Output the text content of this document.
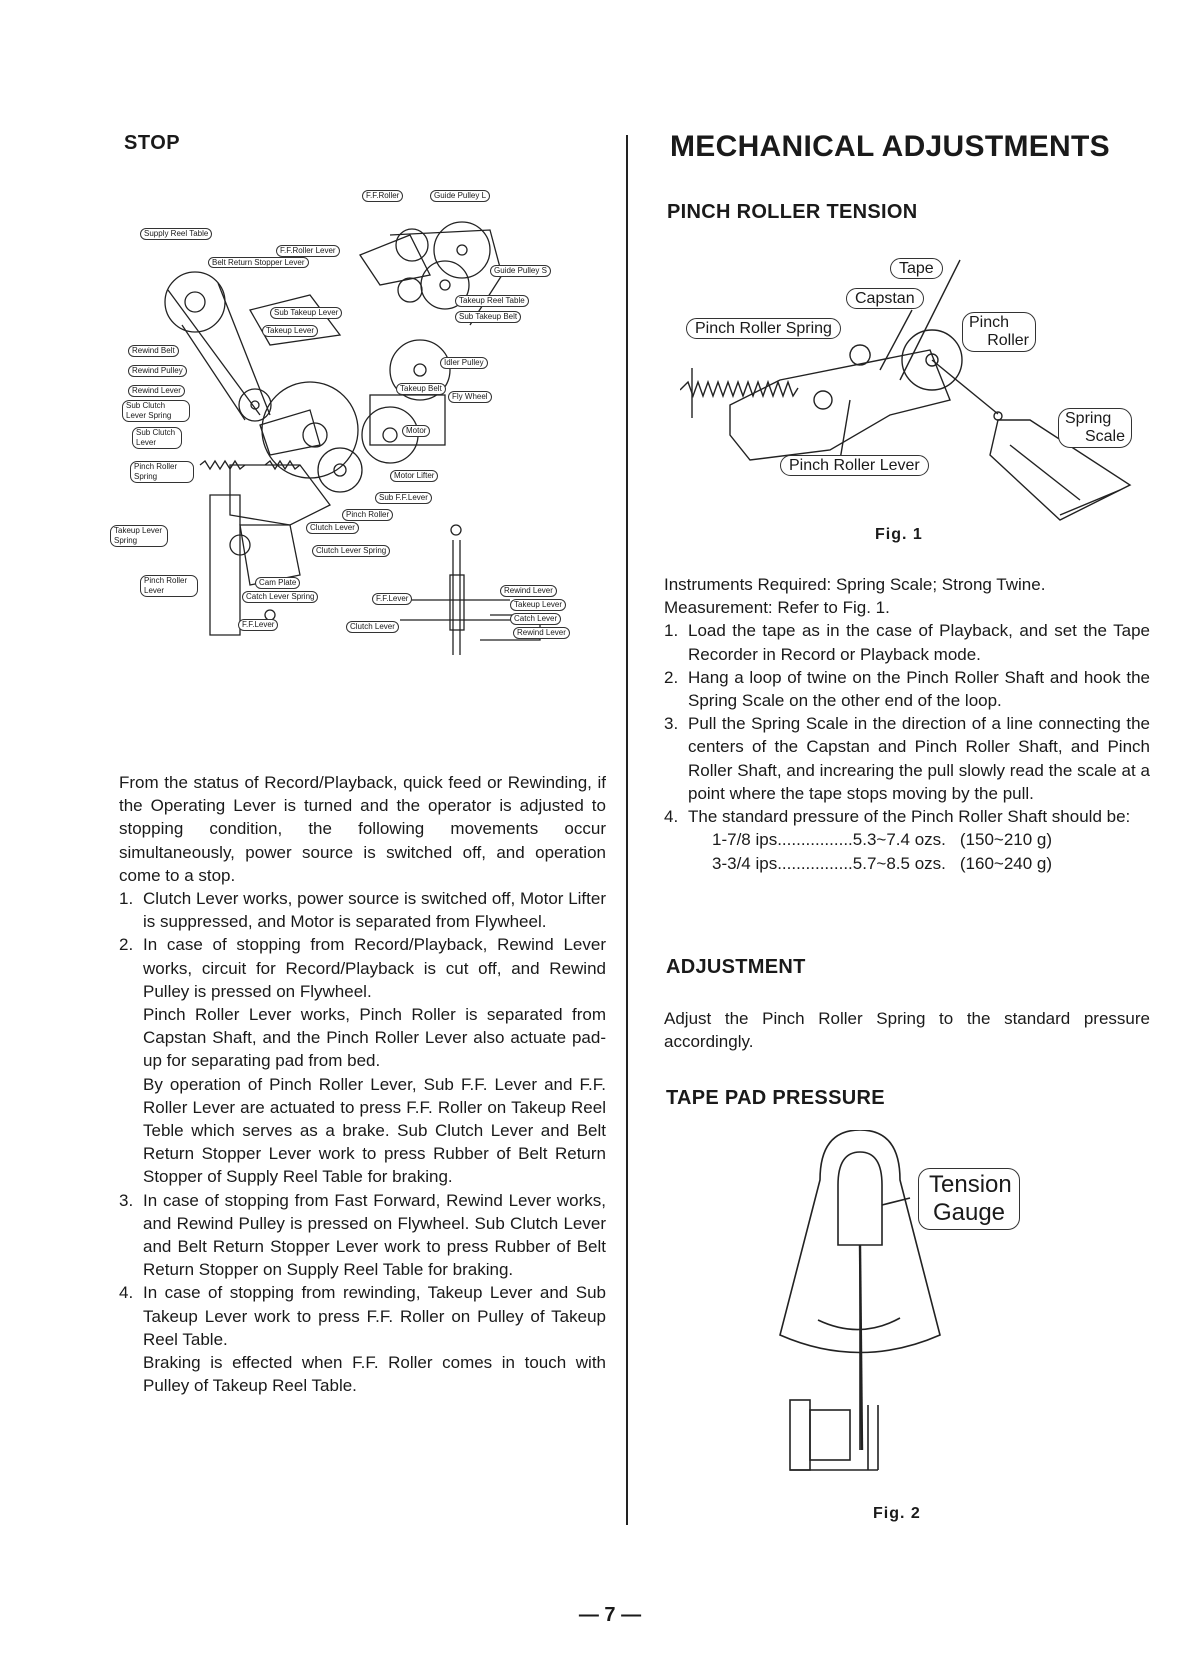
STOP
F.F.Roller	Guide Pulley L
Supply Reel Table
F.F.Roller Lever
Belt Return Stopper Lever
Guide Pulley S
Takeup Reel Table
Sub Takeup Lever	Sub Takeup Belt
Takeup Lever
Rewind Belt
Idler Pulley
Rewind Pulley
Rewind Lever	Takeup Belt
Fly Wheel
Sub Clutch Lever Spring
Motor
Sub Clutch Lever
Pinch Roller Spring	Motor Lifter
Sub F.F.Lever
Pinch Roller
Takeup Lever Spring
Clutch Lever
Clutch Lever Spring
Pinch Roller Lever
Cam Plate
Catch Lever Spring	F.F.Lever
Rewind Lever
Takeup Lever
Catch Lever
F.F.Lever	Clutch Lever
Rewind Lever

From the status of Record/Playback, quick feed or Rewinding, if the Operating Lever is turned and the operator is adjusted to stopping condition, the following movements occur simultaneously, power source is switched off, and operation come to a stop.

1. Clutch Lever works, power source is switched off, Motor Lifter is suppressed, and Motor is separated from Flywheel.

2. In case of stopping from Record/Playback, Rewind Lever works, circuit for Record/Playback is cut off, and Rewind Pulley is pressed on Flywheel.

Pinch Roller Lever works, Pinch Roller is separated from Capstan Shaft, and the Pinch Roller Lever also actuate pad-up for separating pad from bed.

By operation of Pinch Roller Lever, Sub F.F. Lever and F.F. Roller Lever are actuated to press F.F. Roller on Takeup Reel Teble which serves as a brake. Sub Clutch Lever and Belt Return Stopper Lever work to press Rubber of Belt Return Stopper of Supply Reel Table for braking.

3. In case of stopping from Fast Forward, Rewind Lever works, and Rewind Pulley is pressed on Flywheel. Sub Clutch Lever and Belt Return Stopper Lever work to press Rubber of Belt Return Stopper on Supply Reel Table for braking.

4. In case of stopping from rewinding, Takeup Lever and Sub Takeup Lever work to press F.F. Roller on Pulley of Takeup Reel Table.

Braking is effected when F.F. Roller comes in touch with Pulley of Takeup Reel Table.

MECHANICAL ADJUSTMENTS
PINCH ROLLER TENSION
Tape
Capstan
Pinch Roller Spring	Pinch
Roller
Spring
Scale
Pinch Roller Lever
Fig. 1

Instruments Required: Spring Scale; Strong Twine.

Measurement: Refer to Fig. 1.

1. Load the tape as in the case of Playback, and set the Tape Recorder in Record or Playback mode.
2. Hang a loop of twine on the Pinch Roller Shaft and hook the Spring Scale on the other end of the loop.
3. Pull the Spring Scale in the direction of a line connecting the centers of the Capstan and Pinch Roller Shaft, and Pinch Roller Shaft, and increaring the pull slowly read the scale at a point where the tape stops moving by the pull.
4. The standard pressure of the Pinch Roller Shaft should be:
1-7/8 ips................5.3~7.4 ozs. (150~210 g)
3-3/4 ips................5.7~8.5 ozs. (160~240 g)
ADJUSTMENT

Adjust the Pinch Roller Spring to the standard pressure accordingly.

TAPE PAD PRESSURE
Tension
Gauge
Fig. 2
— 7 —
